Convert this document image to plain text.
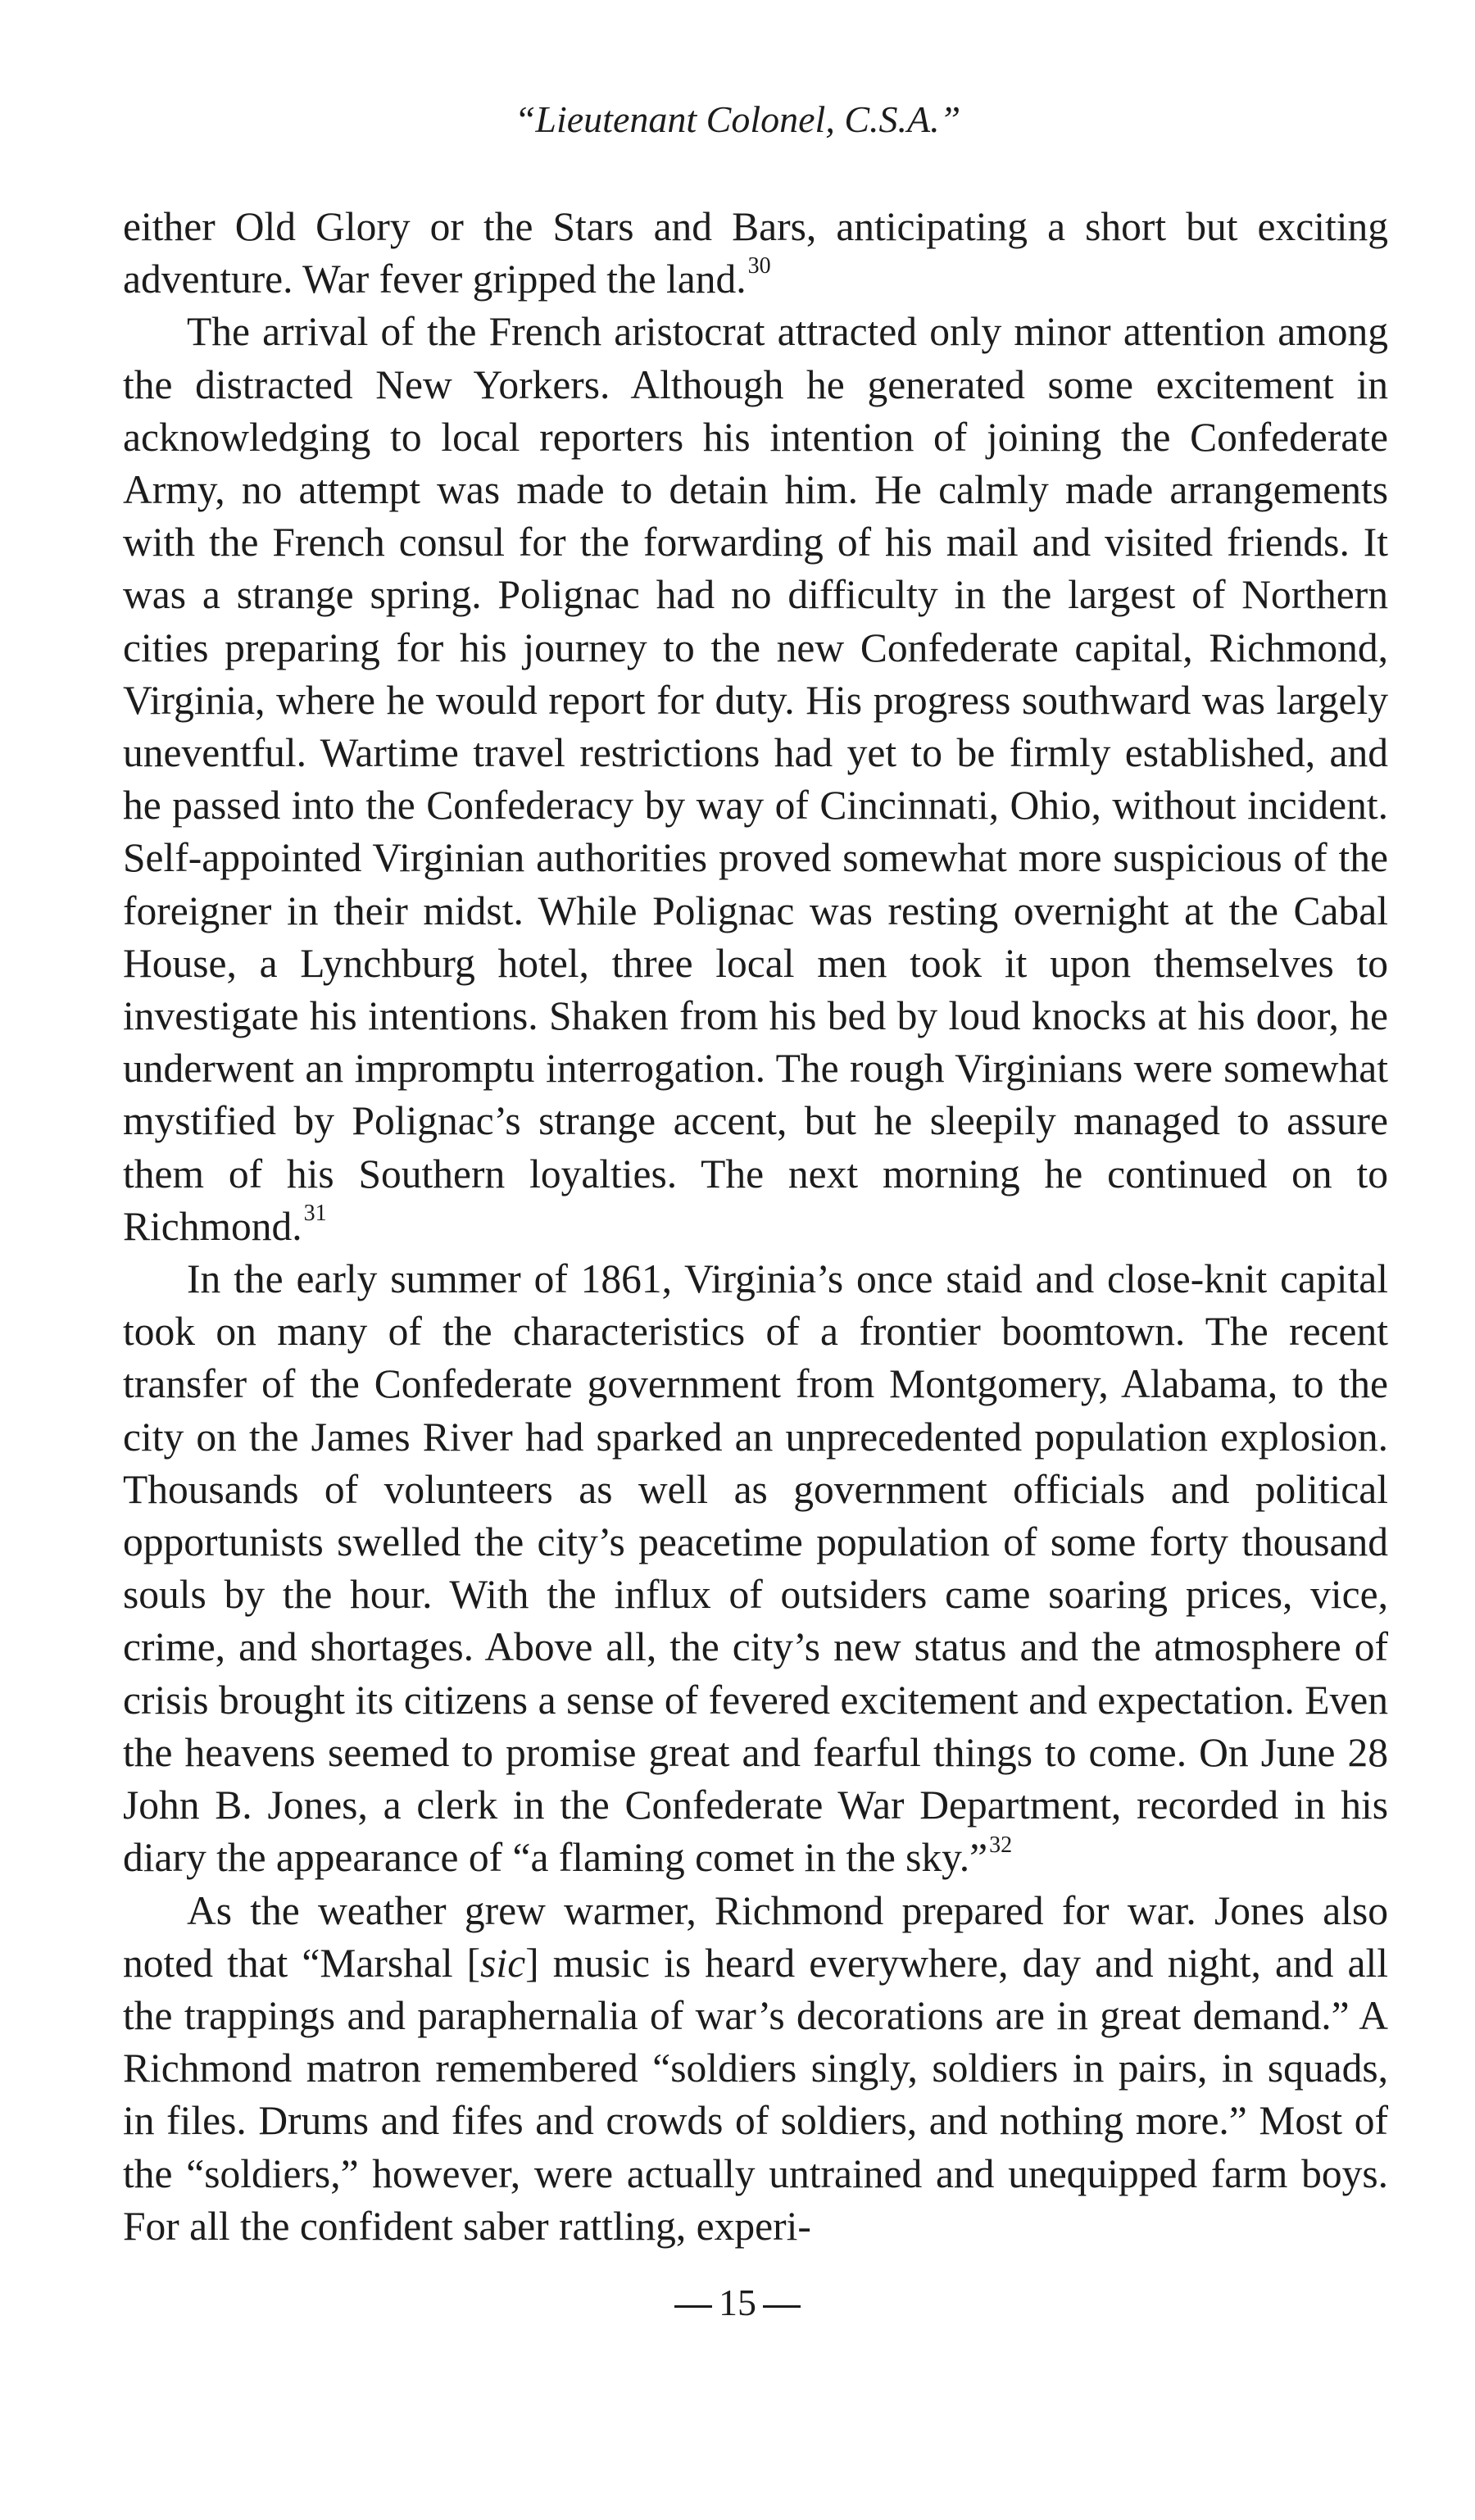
“Lieutenant Colonel, C.S.A.”

either Old Glory or the Stars and Bars, anticipating a short but exciting adventure. War fever gripped the land.$^{30}$

The arrival of the French aristocrat attracted only minor attention among the distracted New Yorkers. Although he generated some excitement in acknowledging to local reporters his intention of joining the Confederate Army, no attempt was made to detain him. He calmly made arrangements with the French consul for the forwarding of his mail and visited friends. It was a strange spring. Polignac had no difficulty in the largest of Northern cities preparing for his journey to the new Confederate capital, Richmond, Virginia, where he would report for duty. His progress southward was largely uneventful. Wartime travel restrictions had yet to be firmly established, and he passed into the Confederacy by way of Cincinnati, Ohio, without incident. Self-appointed Virginian authorities proved somewhat more suspicious of the foreigner in their midst. While Polignac was resting overnight at the Cabal House, a Lynchburg hotel, three local men took it upon themselves to investigate his intentions. Shaken from his bed by loud knocks at his door, he underwent an impromptu interrogation. The rough Virginians were somewhat mystified by Polignac’s strange accent, but he sleepily managed to assure them of his Southern loyalties. The next morning he continued on to Richmond.$^{31}$

In the early summer of 1861, Virginia’s once staid and close-knit capital took on many of the characteristics of a frontier boomtown. The recent transfer of the Confederate government from Montgomery, Alabama, to the city on the James River had sparked an unprecedented population explosion. Thousands of volunteers as well as government officials and political opportunists swelled the city’s peacetime population of some forty thousand souls by the hour. With the influx of outsiders came soaring prices, vice, crime, and shortages. Above all, the city’s new status and the atmosphere of crisis brought its citizens a sense of fevered excitement and expectation. Even the heavens seemed to promise great and fearful things to come. On June 28 John B. Jones, a clerk in the Confederate War Department, recorded in his diary the appearance of “a flaming comet in the sky.”$^{32}$

As the weather grew warmer, Richmond prepared for war. Jones also noted that “Marshal [sic] music is heard everywhere, day and night, and all the trappings and paraphernalia of war’s decorations are in great demand.” A Richmond matron remembered “soldiers singly, soldiers in pairs, in squads, in files. Drums and fifes and crowds of soldiers, and nothing more.” Most of the “soldiers,” however, were actually untrained and unequipped farm boys. For all the confident saber rattling, experi-

15
